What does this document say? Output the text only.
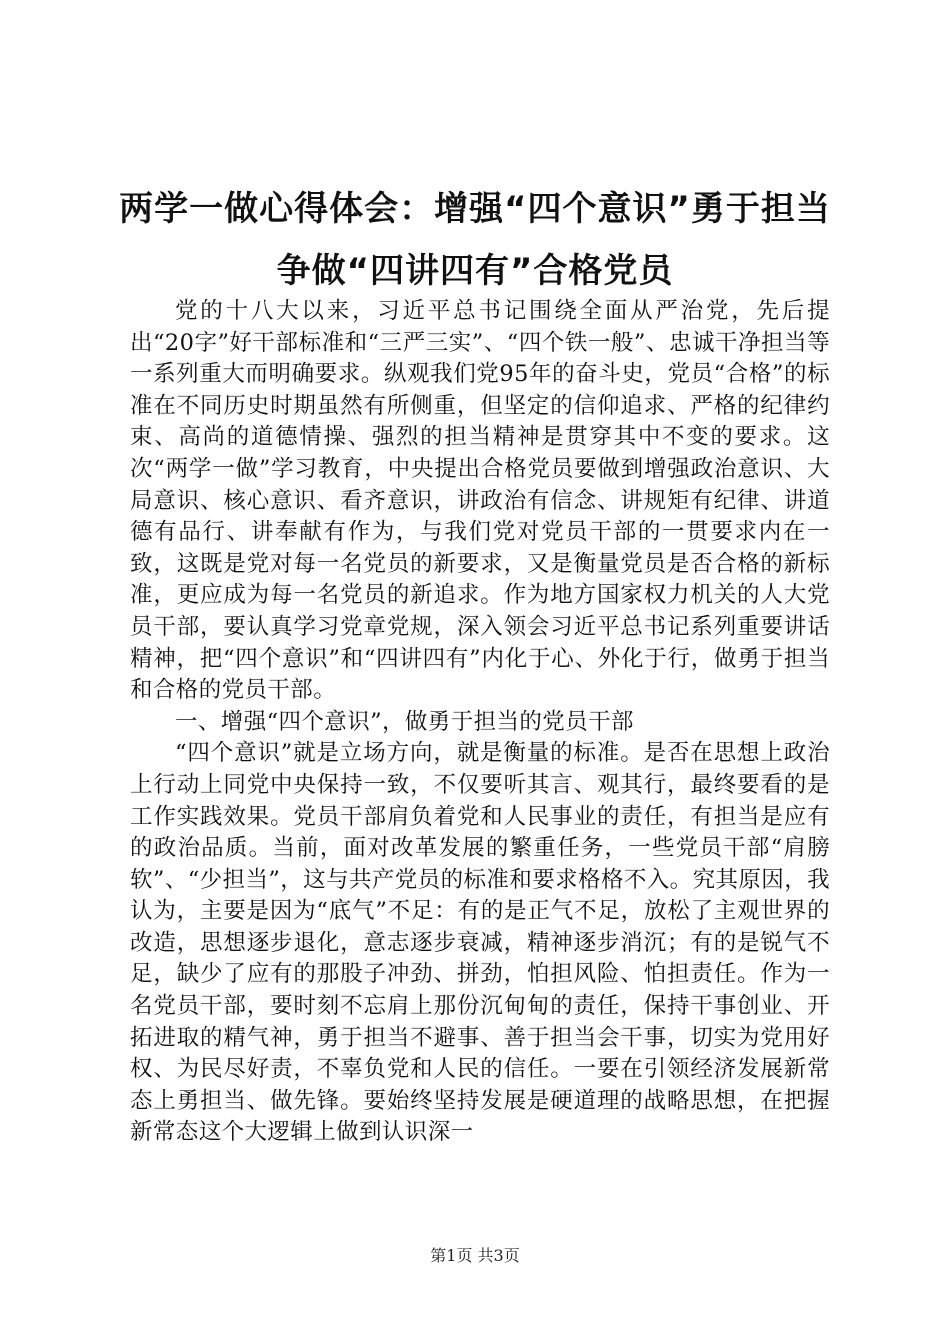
两学一做心得体会：增强“四个意识”勇于担当争做“四讲四有”合格党员

党的十八大以来，习近平总书记围绕全面从严治党，先后提出“20字”好干部标准和“三严三实”、“四个铁一般”、忠诚干净担当等一系列重大而明确要求。纵观我们党95年的奋斗史，党员“合格”的标准在不同历史时期虽然有所侧重，但坚定的信仰追求、严格的纪律约束、高尚的道德情操、强烈的担当精神是贯穿其中不变的要求。这次“两学一做”学习教育，中央提出合格党员要做到增强政治意识、大局意识、核心意识、看齐意识，讲政治有信念、讲规矩有纪律、讲道德有品行、讲奉献有作为，与我们党对党员干部的一贯要求内在一致，这既是党对每一名党员的新要求，又是衡量党员是否合格的新标准，更应成为每一名党员的新追求。作为地方国家权力机关的人大党员干部，要认真学习党章党规，深入领会习近平总书记系列重要讲话精神，把“四个意识”和“四讲四有”内化于心、外化于行，做勇于担当和合格的党员干部。

一、增强“四个意识”，做勇于担当的党员干部

“四个意识”就是立场方向，就是衡量的标准。是否在思想上政治上行动上同党中央保持一致，不仅要听其言、观其行，最终要看的是工作实践效果。党员干部肩负着党和人民事业的责任，有担当是应有的政治品质。当前，面对改革发展的繁重任务，一些党员干部“肩膀软”、“少担当”，这与共产党员的标准和要求格格不入。究其原因，我认为，主要是因为“底气”不足：有的是正气不足，放松了主观世界的改造，思想逐步退化，意志逐步衰减，精神逐步消沉；有的是锐气不足，缺少了应有的那股子冲劲、拼劲，怕担风险、怕担责任。作为一名党员干部，要时刻不忘肩上那份沉甸甸的责任，保持干事创业、开拓进取的精气神，勇于担当不避事、善于担当会干事，切实为党用好权、为民尽好责，不辜负党和人民的信任。一要在引领经济发展新常态上勇担当、做先锋。要始终坚持发展是硬道理的战略思想，在把握新常态这个大逻辑上做到认识深一

第1页 共3页
